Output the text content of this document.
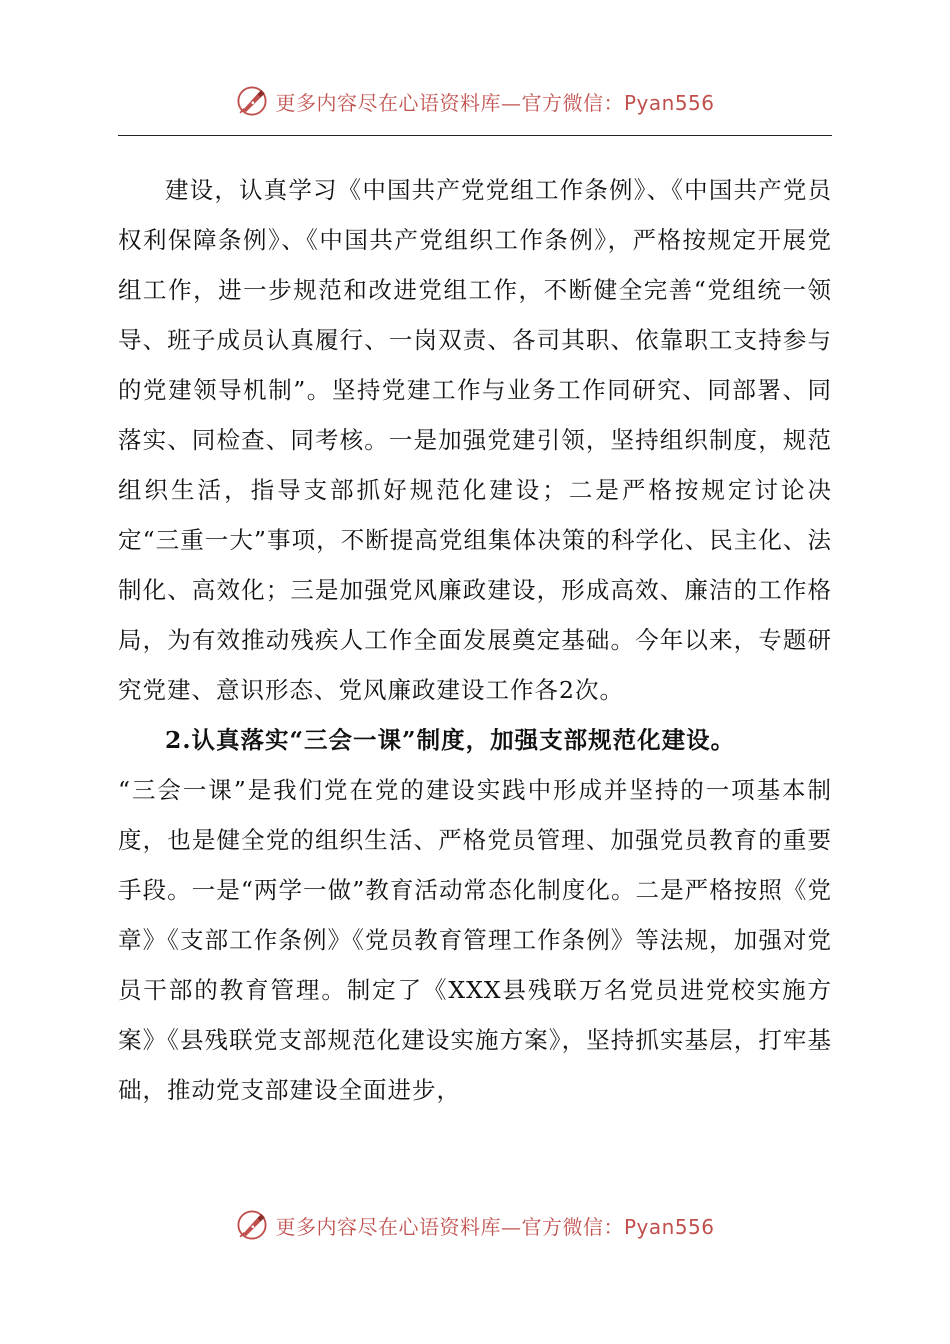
更多内容尽在心语资料库—官方微信：Pyan556

建设，认真学习《中国共产党党组工作条例》、《中国共产党员权利保障条例》、《中国共产党组织工作条例》，严格按规定开展党组工作，进一步规范和改进党组工作，不断健全完善“党组统一领导、班子成员认真履行、一岗双责、各司其职、依靠职工支持参与的党建领导机制”。坚持党建工作与业务工作同研究、同部署、同落实、同检查、同考核。一是加强党建引领，坚持组织制度，规范组织生活，指导支部抓好规范化建设；二是严格按规定讨论决定“三重一大”事项，不断提高党组集体决策的科学化、民主化、法制化、高效化；三是加强党风廉政建设，形成高效、廉洁的工作格局，为有效推动残疾人工作全面发展奠定基础。今年以来，专题研究党建、意识形态、党风廉政建设工作各2次。

2.认真落实“三会一课”制度，加强支部规范化建设。

“三会一课”是我们党在党的建设实践中形成并坚持的一项基本制度，也是健全党的组织生活、严格党员管理、加强党员教育的重要手段。一是“两学一做”教育活动常态化制度化。二是严格按照《党章》《支部工作条例》《党员教育管理工作条例》等法规，加强对党员干部的教育管理。制定了《XXX县残联万名党员进党校实施方案》《县残联党支部规范化建设实施方案》，坚持抓实基层，打牢基础，推动党支部建设全面进步，

更多内容尽在心语资料库—官方微信：Pyan556
